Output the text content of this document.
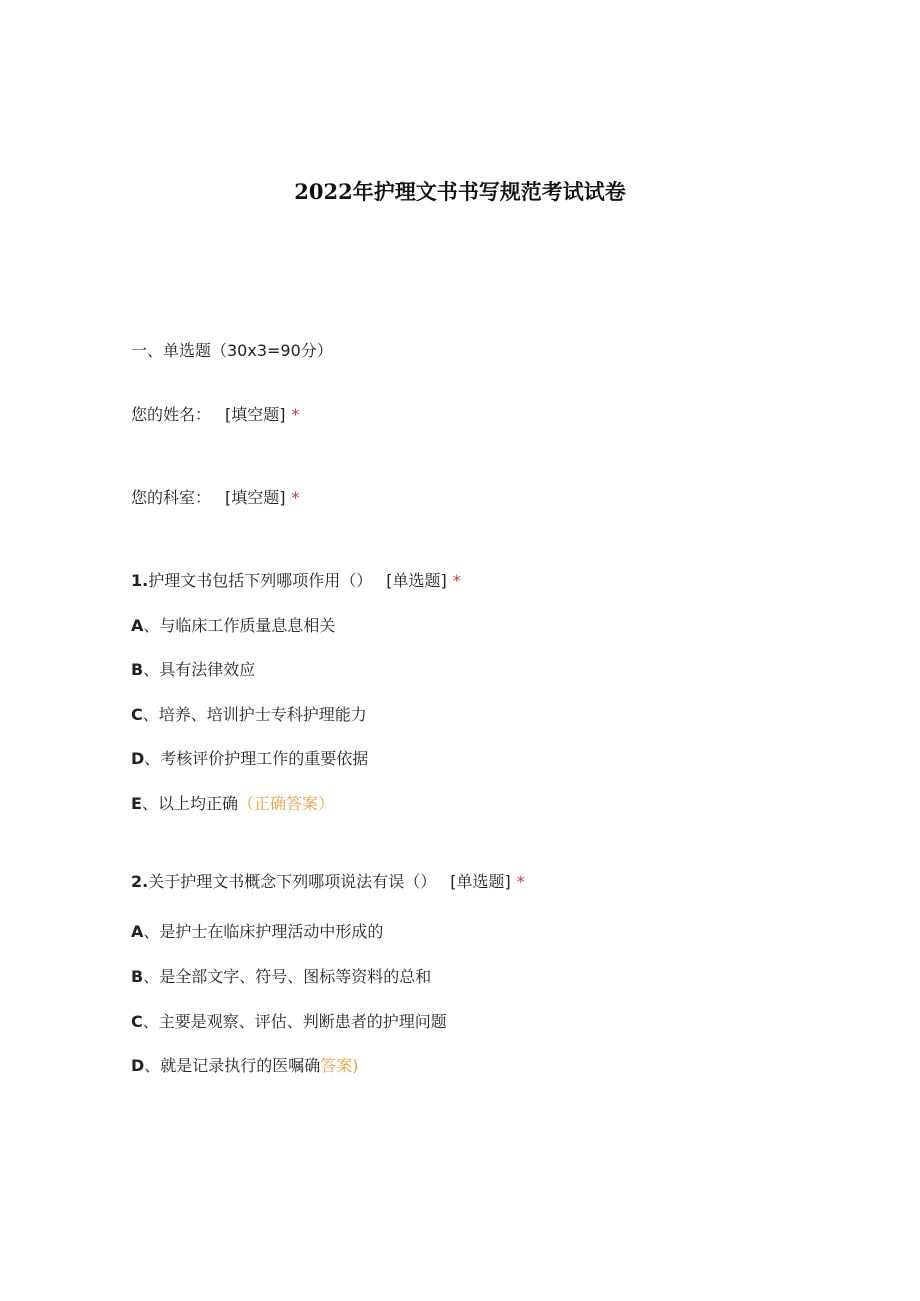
2022年护理文书书写规范考试试卷
一、单选题（30x3=90分）
您的姓名： [填空题] *
您的科室： [填空题] *
1.护理文书包括下列哪项作用（） [单选题] *
A、与临床工作质量息息相关
B、具有法律效应
C、培养、培训护士专科护理能力
D、考核评价护理工作的重要依据
E、以上均正确（正确答案）
2.关于护理文书概念下列哪项说法有误（） [单选题] *
A、是护士在临床护理活动中形成的
B、是全部文字、符号、图标等资料的总和
C、主要是观察、评估、判断患者的护理问题
D、就是记录执行的医嘱确答案)
